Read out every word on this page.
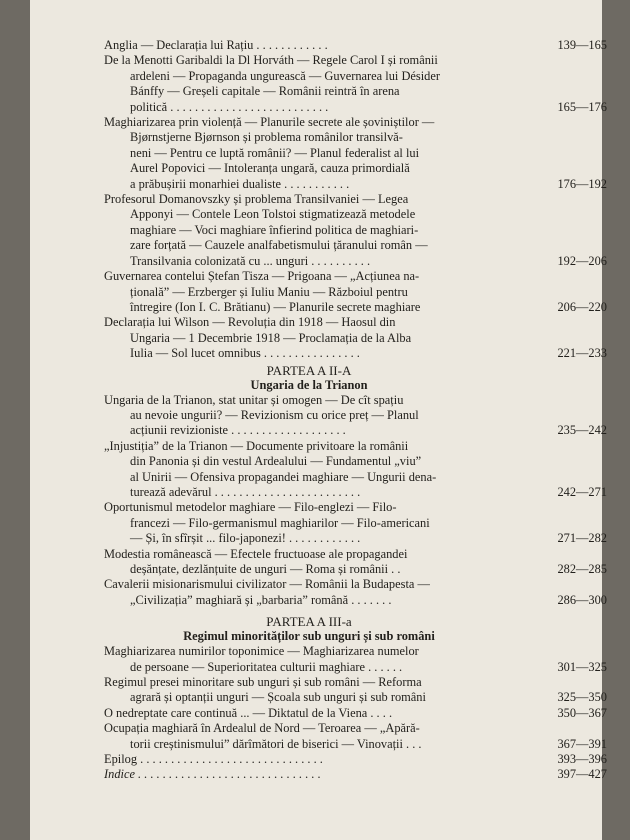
Anglia — Declarația lui Rațiu . . . . . . . . . . . .	139—165
De la Menotti Garibaldi la Dl Horváth — Regele Carol I și românii
ardeleni — Propaganda ungurească — Guvernarea lui Désider
Bánffy — Greșeli capitale — Românii reintră în arena
politică . . . . . . . . . . . . . . . . . . . . . . . . . .	165—176
Maghiarizarea prin violență — Planurile secrete ale șoviniștilor —
Bjørnstjerne Bjørnson și problema românilor transilvă-
neni — Pentru ce luptă românii? — Planul federalist al lui
Aurel Popovici — Intoleranța ungară, cauza primordială
a prăbușirii monarhiei dualiste . . . . . . . . . . .	176—192
Profesorul Domanovszky și problema Transilvaniei — Legea
Apponyi — Contele Leon Tolstoi stigmatizează metodele
maghiare — Voci maghiare înfierind politica de maghiari-
zare forțată — Cauzele analfabetismului țăranului român —
Transilvania colonizată cu ... unguri . . . . . . . . . .	192—206
Guvernarea contelui Ștefan Tisza — Prigoana — „Acțiunea na-
țională” — Erzberger și Iuliu Maniu — Războiul pentru
întregire (Ion I. C. Brătianu) — Planurile secrete maghiare	206—220
Declarația lui Wilson — Revoluția din 1918 — Haosul din
Ungaria — 1 Decembrie 1918 — Proclamația de la Alba
Iulia — Sol lucet omnibus . . . . . . . . . . . . . . . .	221—233
PARTEA A II-A
Ungaria de la Trianon
Ungaria de la Trianon, stat unitar și omogen — De cît spațiu
au nevoie ungurii? — Revizionism cu orice preț — Planul
acțiunii revizioniste . . . . . . . . . . . . . . . . . . .	235—242
„Injustiția” de la Trianon — Documente privitoare la românii
din Panonia și din vestul Ardealului — Fundamentul „viu”
al Unirii — Ofensiva propagandei maghiare — Ungurii dena-
turează adevărul . . . . . . . . . . . . . . . . . . . . . . . .	242—271
Oportunismul metodelor maghiare — Filo-englezi — Filo-
francezi — Filo-germanismul maghiarilor — Filo-americani
— Și, în sfîrșit ... filo-japonezi! . . . . . . . . . . . .	271—282
Modestia românească — Efectele fructuoase ale propagandei
deșănțate, dezlănțuite de unguri — Roma și românii . .	282—285
Cavalerii misionarismului civilizator — Românii la Budapesta —
„Civilizația” maghiară și „barbaria” română . . . . . . .	286—300
PARTEA A III-a
Regimul minorităților sub unguri și sub români
Maghiarizarea numirilor toponimice — Maghiarizarea numelor
de persoane — Superioritatea culturii maghiare . . . . . .	301—325
Regimul presei minoritare sub unguri și sub români — Reforma
agrară și optanții unguri — Școala sub unguri și sub români	325—350
O nedreptate care continuă ... — Diktatul de la Viena . . . .	350—367
Ocupația maghiară în Ardealul de Nord — Teroarea — „Apără-
torii creștinismului” dărîmători de biserici — Vinovații . . .	367—391
Epilog . . . . . . . . . . . . . . . . . . . . . . . . . . . . . .	393—396
Indice . . . . . . . . . . . . . . . . . . . . . . . . . . . . . .	397—427
